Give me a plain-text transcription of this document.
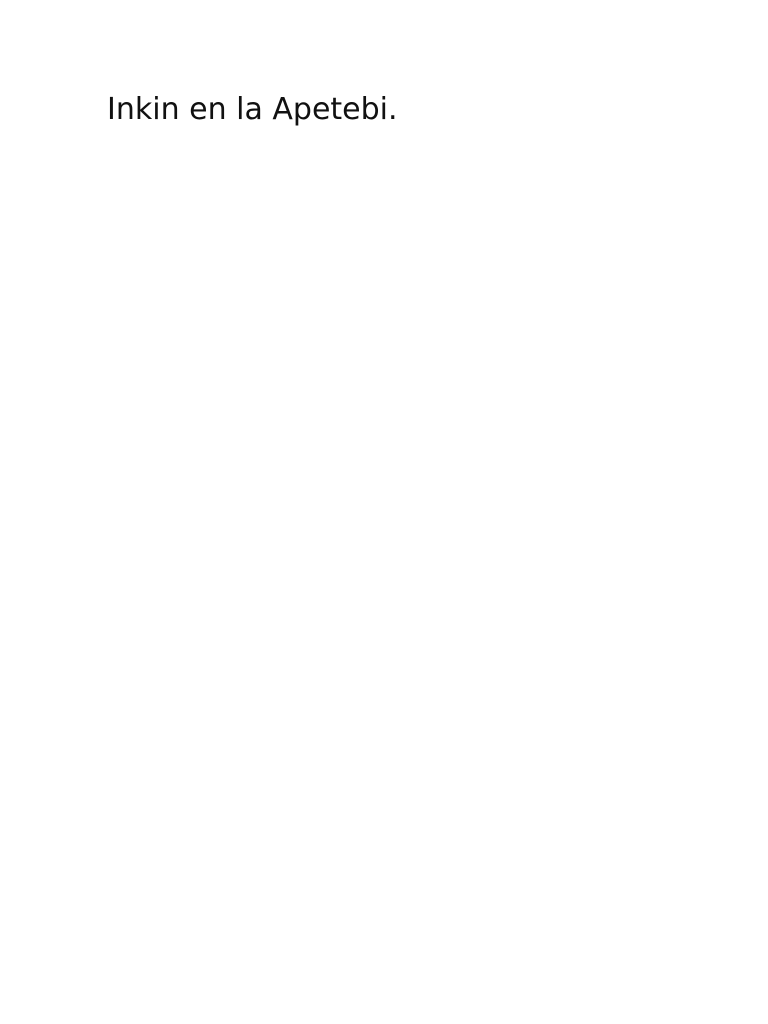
Inkin en la Apetebi.
